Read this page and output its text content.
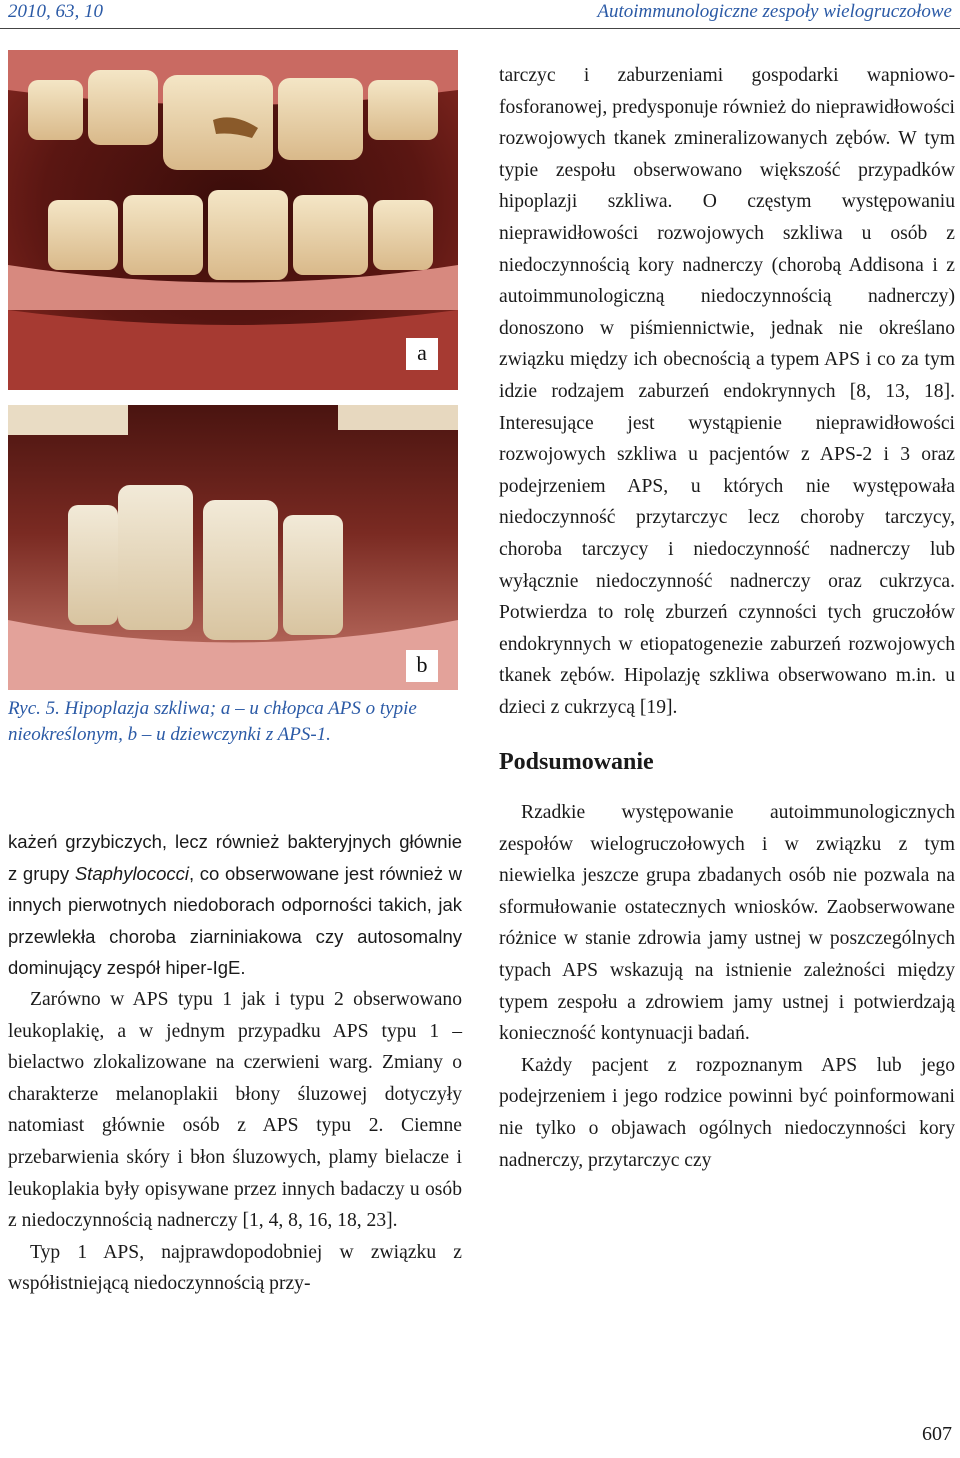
2010, 63, 10	Autoimmunologiczne zespoły wielogruczołowe
a
b
Ryc. 5. Hipoplazja szkliwa; a – u chłopca APS o typie nieokreślonym, b – u dziewczynki z APS-1.

każeń grzybiczych, lecz również bakteryjnych głównie z grupy Staphylococci, co obserwowane jest również w innych pierwotnych niedoborach odporności takich, jak przewlekła choroba ziarniniakowa czy autosomalny dominujący zespół hiper-IgE.

Zarówno w APS typu 1 jak i typu 2 obserwowano leukoplakię, a w jednym przypadku APS typu 1 – bielactwo zlokalizowane na czerwieni warg. Zmiany o charakterze melanoplakii błony śluzowej dotyczyły natomiast głównie osób z APS typu 2. Ciemne przebarwienia skóry i błon śluzowych, plamy bielacze i leukoplakia były opisywane przez innych badaczy u osób z niedoczynnością nadnerczy [1, 4, 8, 16, 18, 23].

Typ 1 APS, najprawdopodobniej w związku z współistniejącą niedoczynnością przy-

tarczyc i zaburzeniami gospodarki wapniowo-fosforanowej, predysponuje również do nieprawidłowości rozwojowych tkanek zmineralizowanych zębów. W tym typie zespołu obserwowano większość przypadków hipoplazji szkliwa. O częstym występowaniu nieprawidłowości rozwojowych szkliwa u osób z niedoczynnością kory nadnerczy (chorobą Addisona i z autoimmunologiczną niedoczynnością nadnerczy) donoszono w piśmiennictwie, jednak nie określano związku między ich obecnością a typem APS i co za tym idzie rodzajem zaburzeń endokrynnych [8, 13, 18]. Interesujące jest wystąpienie nieprawidłowości rozwojowych szkliwa u pacjentów z APS-2 i 3 oraz podejrzeniem APS, u których nie występowała niedoczynność przytarczyc lecz choroby tarczycy, choroba tarczycy i niedoczynność nadnerczy lub wyłącznie niedoczynność nadnerczy oraz cukrzyca. Potwierdza to rolę zburzeń czynności tych gruczołów endokrynnych w etiopatogenezie zaburzeń rozwojowych tkanek zębów. Hipolazję szkliwa obserwowano m.in. u dzieci z cukrzycą [19].

Podsumowanie

Rzadkie występowanie autoimmunologicznych zespołów wielogruczołowych i w związku z tym niewielka jeszcze grupa zbadanych osób nie pozwala na sformułowanie ostatecznych wniosków. Zaobserwowane różnice w stanie zdrowia jamy ustnej w poszczególnych typach APS wskazują na istnienie zależności między typem zespołu a zdrowiem jamy ustnej i potwierdzają konieczność kontynuacji badań.

Każdy pacjent z rozpoznanym APS lub jego podejrzeniem i jego rodzice powinni być poinformowani nie tylko o objawach ogólnych niedoczynności kory nadnerczy, przytarczyc czy

607
